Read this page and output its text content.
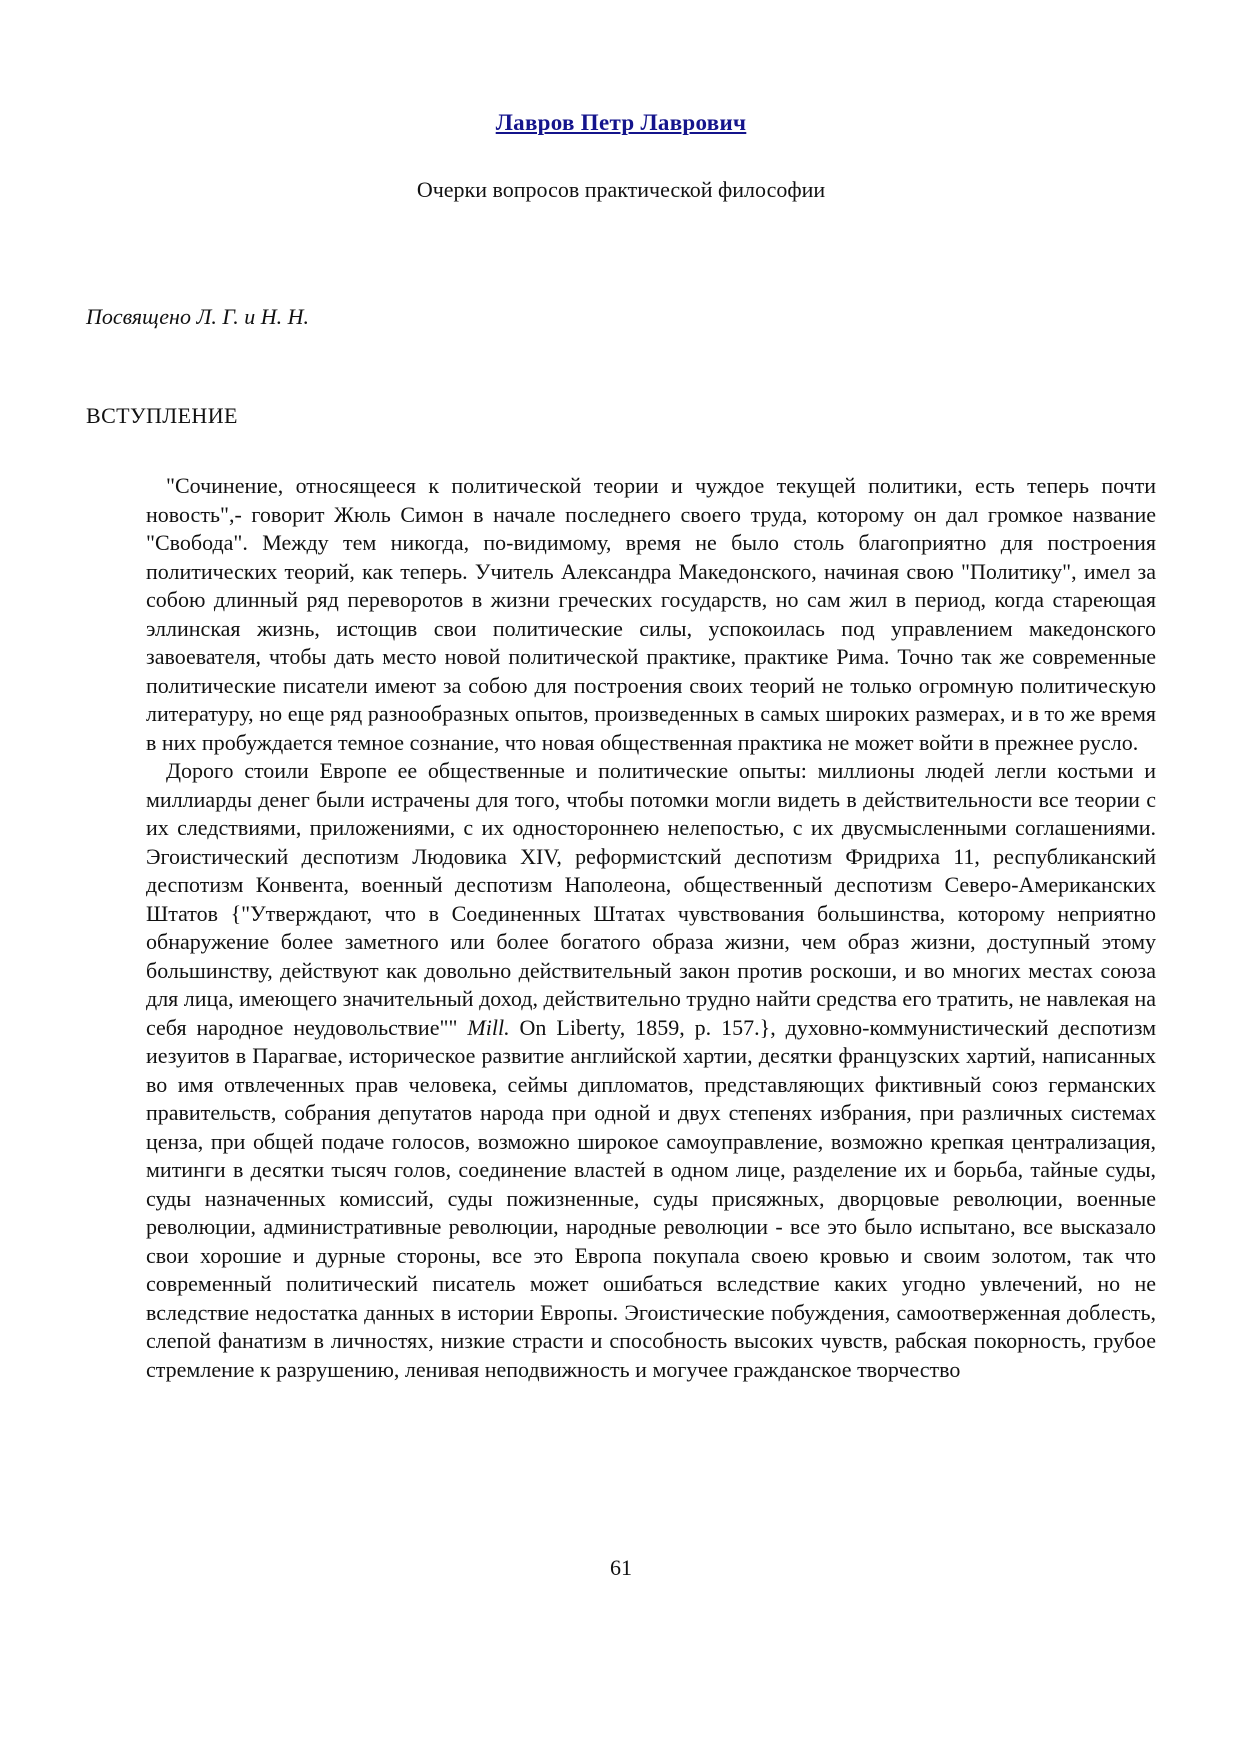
Лавров Петр Лаврович
Очерки вопросов практической философии
Посвящено Л. Г. и Н. Н.
ВСТУПЛЕНИЕ

"Сочинение, относящееся к политической теории и чуждое текущей политики, есть теперь почти новость",- говорит Жюль Симон в начале последнего своего труда, которому он дал громкое название "Свобода". Между тем никогда, по-видимому, время не было столь благоприятно для построения политических теорий, как теперь. Учитель Александра Македонского, начиная свою "Политику", имел за собою длинный ряд переворотов в жизни греческих государств, но сам жил в период, когда стареющая эллинская жизнь, истощив свои политические силы, успокоилась под управлением македонского завоевателя, чтобы дать место новой политической практике, практике Рима. Точно так же современные политические писатели имеют за собою для построения своих теорий не только огромную политическую литературу, но еще ряд разнообразных опытов, произведенных в самых широких размерах, и в то же время в них пробуждается темное сознание, что новая общественная практика не может войти в прежнее русло.

Дорого стоили Европе ее общественные и политические опыты: миллионы людей легли костьми и миллиарды денег были истрачены для того, чтобы потомки могли видеть в действительности все теории с их следствиями, приложениями, с их одностороннею нелепостью, с их двусмысленными соглашениями. Эгоистический деспотизм Людовика XIV, реформистский деспотизм Фридриха 11, республиканский деспотизм Конвента, военный деспотизм Наполеона, общественный деспотизм Северо-Американских Штатов {"Утверждают, что в Соединенных Штатах чувствования большинства, которому неприятно обнаружение более заметного или более богатого образа жизни, чем образ жизни, доступный этому большинству, действуют как довольно действительный закон против роскоши, и во многих местах союза для лица, имеющего значительный доход, действительно трудно найти средства его тратить, не навлекая на себя народное неудовольствие"" Mill. On Liberty, 1859, p. 157.}, духовно-коммунистический деспотизм иезуитов в Парагвае, историческое развитие английской хартии, десятки французских хартий, написанных во имя отвлеченных прав человека, сеймы дипломатов, представляющих фиктивный союз германских правительств, собрания депутатов народа при одной и двух степенях избрания, при различных системах ценза, при общей подаче голосов, возможно широкое самоуправление, возможно крепкая централизация, митинги в десятки тысяч голов, соединение властей в одном лице, разделение их и борьба, тайные суды, суды назначенных комиссий, суды пожизненные, суды присяжных, дворцовые революции, военные революции, административные революции, народные революции - все это было испытано, все высказало свои хорошие и дурные стороны, все это Европа покупала своею кровью и своим золотом, так что современный политический писатель может ошибаться вследствие каких угодно увлечений, но не вследствие недостатка данных в истории Европы. Эгоистические побуждения, самоотверженная доблесть, слепой фанатизм в личностях, низкие страсти и способность высоких чувств, рабская покорность, грубое стремление к разрушению, ленивая неподвижность и могучее гражданское творчество

61
